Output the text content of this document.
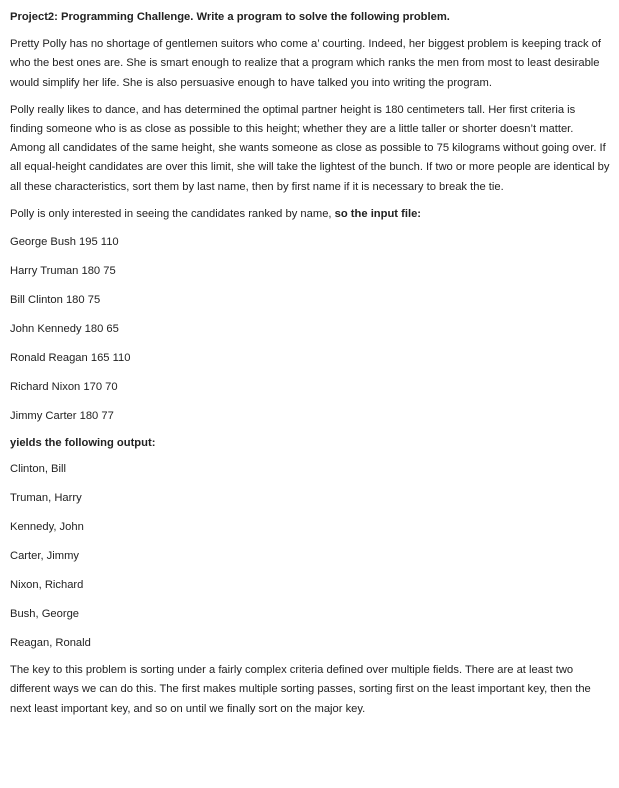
Project2: Programming Challenge. Write a program to solve the following problem.
Pretty Polly has no shortage of gentlemen suitors who come a’ courting. Indeed, her biggest problem is keeping track of who the best ones are. She is smart enough to realize that a program which ranks the men from most to least desirable would simplify her life. She is also persuasive enough to have talked you into writing the program.
Polly really likes to dance, and has determined the optimal partner height is 180 centimeters tall. Her first criteria is finding someone who is as close as possible to this height; whether they are a little taller or shorter doesn’t matter. Among all candidates of the same height, she wants someone as close as possible to 75 kilograms without going over. If all equal-height candidates are over this limit, she will take the lightest of the bunch. If two or more people are identical by all these characteristics, sort them by last name, then by first name if it is necessary to break the tie.
Polly is only interested in seeing the candidates ranked by name, so the input file:
George Bush 195 110
Harry Truman 180 75
Bill Clinton 180 75
John Kennedy 180 65
Ronald Reagan 165 110
Richard Nixon 170 70
Jimmy Carter 180 77
yields the following output:
Clinton, Bill
Truman, Harry
Kennedy, John
Carter, Jimmy
Nixon, Richard
Bush, George
Reagan, Ronald
The key to this problem is sorting under a fairly complex criteria defined over multiple fields. There are at least two different ways we can do this. The first makes multiple sorting passes, sorting first on the least important key, then the next least important key, and so on until we finally sort on the major key.
